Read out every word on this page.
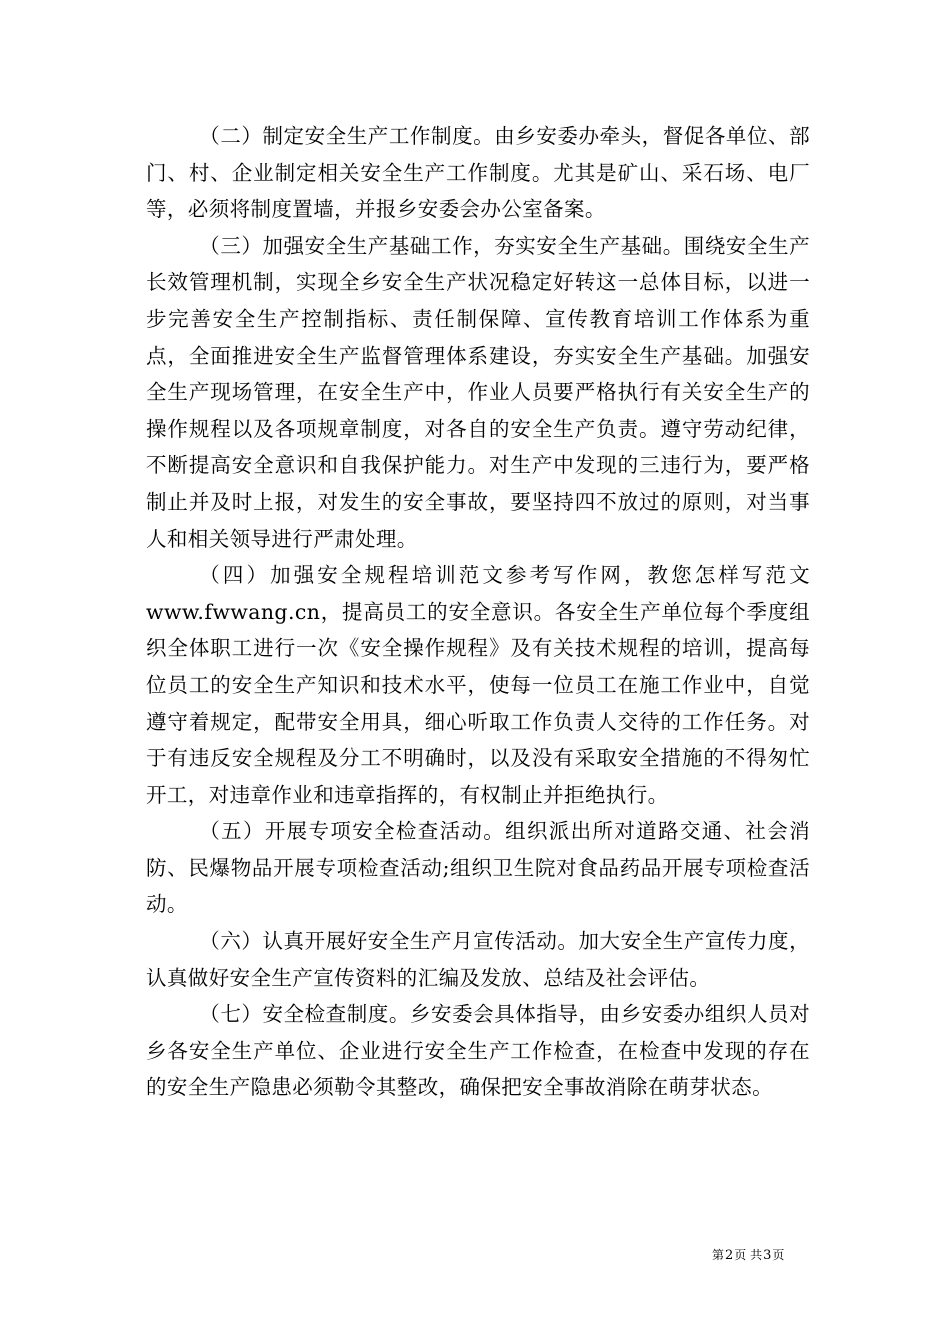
（二）制定安全生产工作制度。由乡安委办牵头，督促各单位、部门、村、企业制定相关安全生产工作制度。尤其是矿山、采石场、电厂等，必须将制度置墙，并报乡安委会办公室备案。

（三）加强安全生产基础工作，夯实安全生产基础。围绕安全生产长效管理机制，实现全乡安全生产状况稳定好转这一总体目标，以进一步完善安全生产控制指标、责任制保障、宣传教育培训工作体系为重点，全面推进安全生产监督管理体系建设，夯实安全生产基础。加强安全生产现场管理，在安全生产中，作业人员要严格执行有关安全生产的操作规程以及各项规章制度，对各自的安全生产负责。遵守劳动纪律，不断提高安全意识和自我保护能力。对生产中发现的三违行为，要严格制止并及时上报，对发生的安全事故，要坚持四不放过的原则，对当事人和相关领导进行严肃处理。

（四）加强安全规程培训范文参考写作网，教您怎样写范文www.fwwang.cn，提高员工的安全意识。各安全生产单位每个季度组织全体职工进行一次《安全操作规程》及有关技术规程的培训，提高每位员工的安全生产知识和技术水平，使每一位员工在施工作业中，自觉遵守着规定，配带安全用具，细心听取工作负责人交待的工作任务。对于有违反安全规程及分工不明确时，以及没有采取安全措施的不得匆忙开工，对违章作业和违章指挥的，有权制止并拒绝执行。

（五）开展专项安全检查活动。组织派出所对道路交通、社会消防、民爆物品开展专项检查活动;组织卫生院对食品药品开展专项检查活动。

（六）认真开展好安全生产月宣传活动。加大安全生产宣传力度，认真做好安全生产宣传资料的汇编及发放、总结及社会评估。

（七）安全检查制度。乡安委会具体指导，由乡安委办组织人员对乡各安全生产单位、企业进行安全生产工作检查，在检查中发现的存在的安全生产隐患必须勒令其整改，确保把安全事故消除在萌芽状态。

第2页 共3页
